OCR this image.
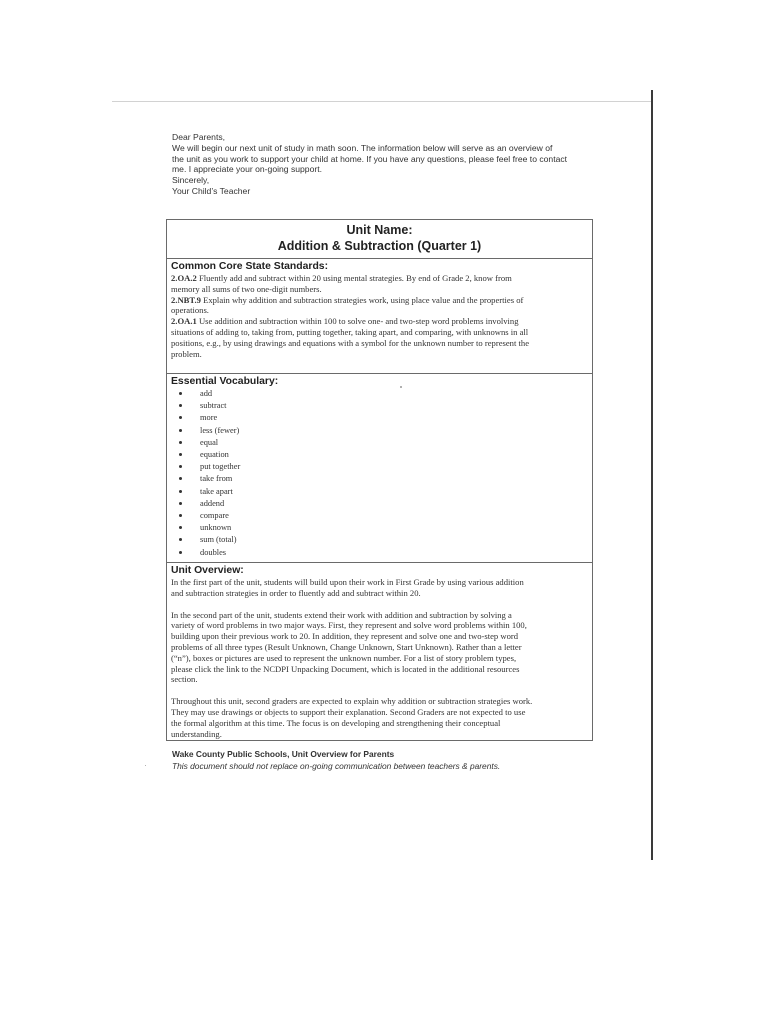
Dear Parents,
We will begin our next unit of study in math soon. The information below will serve as an overview of
the unit as you work to support your child at home. If you have any questions, please feel free to contact
me. I appreciate your on-going support.
Sincerely,
Your Child’s Teacher
Unit Name:
Addition & Subtraction (Quarter 1)
Common Core State Standards:
2.OA.2 Fluently add and subtract within 20 using mental strategies. By end of Grade 2, know from
memory all sums of two one-digit numbers.
2.NBT.9 Explain why addition and subtraction strategies work, using place value and the properties of
operations.
2.OA.1 Use addition and subtraction within 100 to solve one- and two-step word problems involving
situations of adding to, taking from, putting together, taking apart, and comparing, with unknowns in all
positions, e.g., by using drawings and equations with a symbol for the unknown number to represent the
problem.
Essential Vocabulary:
add
subtract
more
less (fewer)
equal
equation
put together
take from
take apart
addend
compare
unknown
sum (total)
doubles
Unit Overview:
In the first part of the unit, students will build upon their work in First Grade by using various addition
and subtraction strategies in order to fluently add and subtract within 20.
In the second part of the unit, students extend their work with addition and subtraction by solving a
variety of word problems in two major ways. First, they represent and solve word problems within 100,
building upon their previous work to 20. In addition, they represent and solve one and two-step word
problems of all three types (Result Unknown, Change Unknown, Start Unknown). Rather than a letter
(“n”), boxes or pictures are used to represent the unknown number. For a list of story problem types,
please click the link to the NCDPI Unpacking Document, which is located in the additional resources
section.
Throughout this unit, second graders are expected to explain why addition or subtraction strategies work.
They may use drawings or objects to support their explanation. Second Graders are not expected to use
the formal algorithm at this time. The focus is on developing and strengthening their conceptual
understanding.
Wake County Public Schools, Unit Overview for Parents
This document should not replace on-going communication between teachers & parents.
